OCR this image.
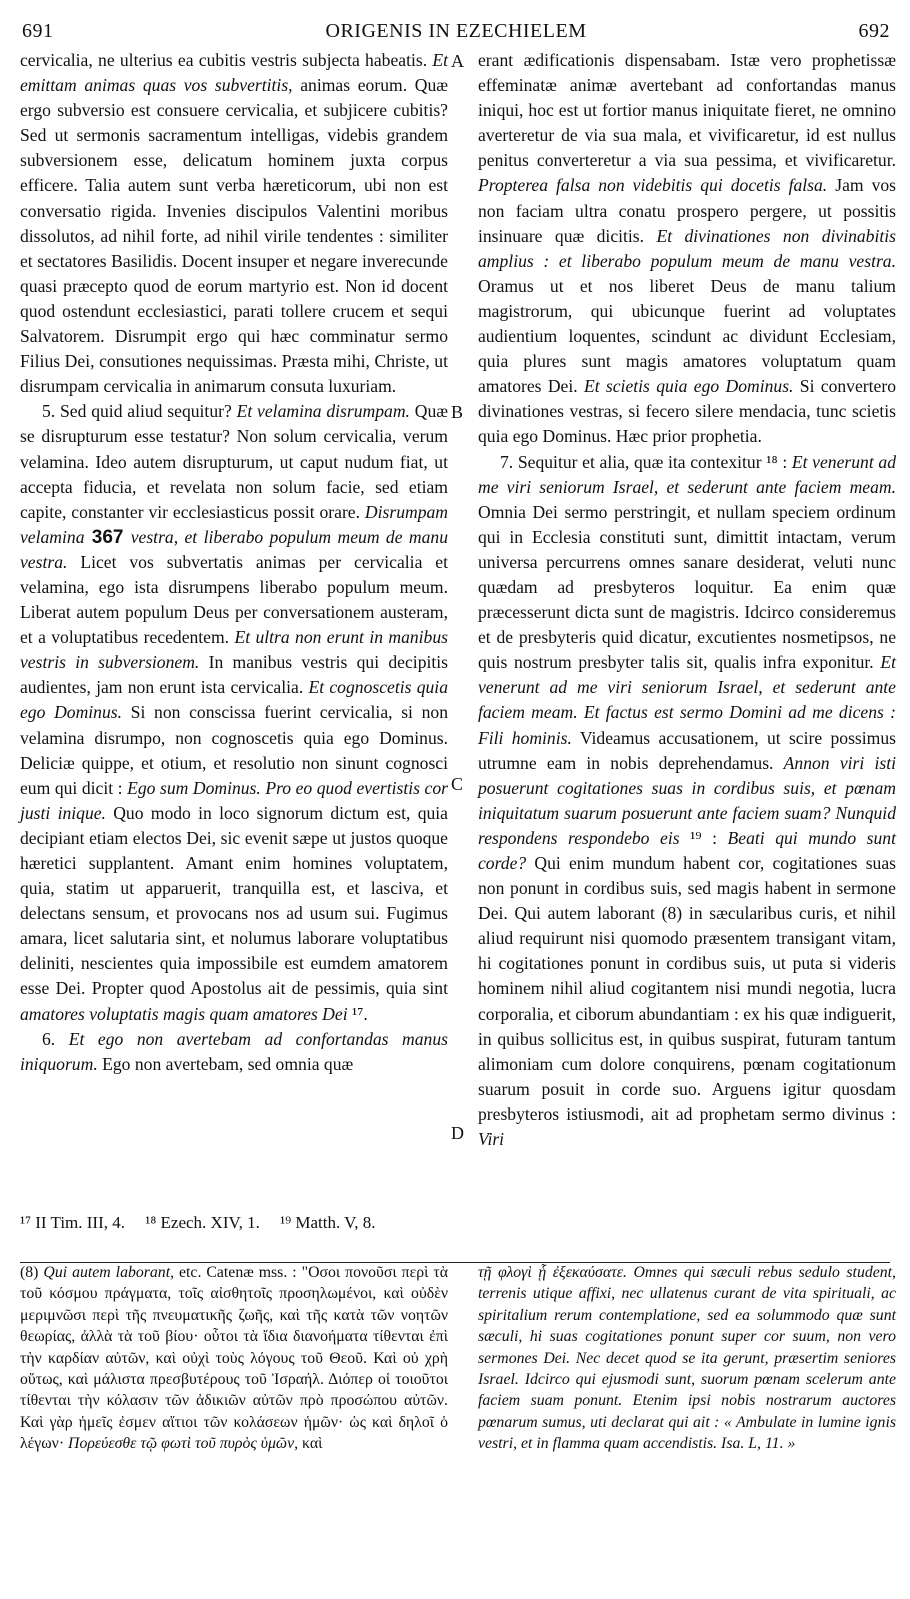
691	ORIGENIS IN EZECHIELEM	692

cervicalia, ne ulterius ea cubitis vestris subjecta habeatis. Et emittam animas quas vos subvertitis, animas eorum. Quæ ergo subversio est consuere cervicalia, et subjicere cubitis? Sed ut sermonis sacramentum intelligas, videbis grandem subversionem esse, delicatum hominem juxta corpus efficere. Talia autem sunt verba hæreticorum, ubi non est conversatio rigida. Invenies discipulos Valentini moribus dissolutos, ad nihil forte, ad nihil virile tendentes : similiter et sectatores Basilidis. Docent insuper et negare inverecunde quasi præcepto quod de eorum martyrio est. Non id docent quod ostendunt ecclesiastici, parati tollere crucem et sequi Salvatorem. Disrumpit ergo qui hæc comminatur sermo Filius Dei, consutiones nequissimas. Præsta mihi, Christe, ut disrumpam cervicalia in animarum consuta luxuriam.

5. Sed quid aliud sequitur? Et velamina disrumpam. Quæ se disrupturum esse testatur? Non solum cervicalia, verum velamina. Ideo autem disrupturum, ut caput nudum fiat, ut accepta fiducia, et revelata non solum facie, sed etiam capite, constanter vir ecclesiasticus possit orare. Disrumpam velamina 367 vestra, et liberabo populum meum de manu vestra. Licet vos subvertatis animas per cervicalia et velamina, ego ista disrumpens liberabo populum meum. Liberat autem populum Deus per conversationem austeram, et a voluptatibus recedentem. Et ultra non erunt in manibus vestris in subversionem. In manibus vestris qui decipitis audientes, jam non erunt ista cervicalia. Et cognoscetis quia ego Dominus. Si non conscissa fuerint cervicalia, si non velamina disrumpo, non cognoscetis quia ego Dominus. Deliciæ quippe, et otium, et resolutio non sinunt cognosci eum qui dicit : Ego sum Dominus. Pro eo quod evertistis cor justi inique. Quo modo in loco signorum dictum est, quia decipiant etiam electos Dei, sic evenit sæpe ut justos quoque hæretici supplantent. Amant enim homines voluptatem, quia, statim ut apparuerit, tranquilla est, et lasciva, et delectans sensum, et provocans nos ad usum sui. Fugimus amara, licet salutaria sint, et nolumus laborare voluptatibus deliniti, nescientes quia impossibile est eumdem amatorem esse Dei. Propter quod Apostolus ait de pessimis, quia sint amatores voluptatis magis quam amatores Dei ¹⁷.

6. Et ego non avertebam ad confortandas manus iniquorum. Ego non avertebam, sed omnia quæ

A
B
C
D

erant ædificationis dispensabam. Istæ vero prophetissæ effeminatæ animæ avertebant ad confortandas manus iniqui, hoc est ut fortior manus iniquitate fieret, ne omnino averteretur de via sua mala, et vivificaretur, id est nullus penitus converteretur a via sua pessima, et vivificaretur. Propterea falsa non videbitis qui docetis falsa. Jam vos non faciam ultra conatu prospero pergere, ut possitis insinuare quæ dicitis. Et divinationes non divinabitis amplius : et liberabo populum meum de manu vestra. Oramus ut et nos liberet Deus de manu talium magistrorum, qui ubicunque fuerint ad voluptates audientium loquentes, scindunt ac dividunt Ecclesiam, quia plures sunt magis amatores voluptatum quam amatores Dei. Et scietis quia ego Dominus. Si convertero divinationes vestras, si fecero silere mendacia, tunc scietis quia ego Dominus. Hæc prior prophetia.

7. Sequitur et alia, quæ ita contexitur ¹⁸ : Et venerunt ad me viri seniorum Israel, et sederunt ante faciem meam. Omnia Dei sermo perstringit, et nullam speciem ordinum qui in Ecclesia constituti sunt, dimittit intactam, verum universa percurrens omnes sanare desiderat, veluti nunc quædam ad presbyteros loquitur. Ea enim quæ præcesserunt dicta sunt de magistris. Idcirco consideremus et de presbyteris quid dicatur, excutientes nosmetipsos, ne quis nostrum presbyter talis sit, qualis infra exponitur. Et venerunt ad me viri seniorum Israel, et sederunt ante faciem meam. Et factus est sermo Domini ad me dicens : Fili hominis. Videamus accusationem, ut scire possimus utrumne eam in nobis deprehendamus. Annon viri isti posuerunt cogitationes suas in cordibus suis, et pœnam iniquitatum suarum posuerunt ante faciem suam? Nunquid respondens respondebo eis ¹⁹ : Beati qui mundo sunt corde? Qui enim mundum habent cor, cogitationes suas non ponunt in cordibus suis, sed magis habent in sermone Dei. Qui autem laborant (8) in sæcularibus curis, et nihil aliud requirunt nisi quomodo præsentem transigant vitam, hi cogitationes ponunt in cordibus suis, ut puta si videris hominem nihil aliud cogitantem nisi mundi negotia, lucra corporalia, et ciborum abundantiam : ex his quæ indiguerit, in quibus sollicitus est, in quibus suspirat, futuram tantum alimoniam cum dolore conquirens, pœnam cogitationum suarum posuit in corde suo. Arguens igitur quosdam presbyteros istiusmodi, ait ad prophetam sermo divinus : Viri

¹⁷ II Tim. III, 4. ¹⁸ Ezech. XIV, 1. ¹⁹ Matth. V, 8.

(8) Qui autem laborant, etc. Catenæ mss. : "Οσοι πονοῦσι περὶ τὰ τοῦ κόσμου πράγματα, τοῖς αἰσθητοῖς προσηλωμένοι, καὶ οὐδὲν μεριμνῶσι περὶ τῆς πνευματικῆς ζωῆς, καὶ τῆς κατὰ τῶν νοητῶν θεωρίας, ἀλλὰ τὰ τοῦ βίου· οὗτοι τὰ ἴδια διανοήματα τίθενται ἐπὶ τὴν καρδίαν αὐτῶν, καὶ οὐχὶ τοὺς λόγους τοῦ Θεοῦ. Καὶ οὐ χρὴ οὕτως, καὶ μάλιστα πρεσβυτέρους τοῦ Ἰσραήλ. Διόπερ οἱ τοιοῦτοι τίθενται τὴν κόλασιν τῶν ἀδικιῶν αὐτῶν πρὸ προσώπου αὐτῶν. Καὶ γὰρ ἡμεῖς ἐσμεν αἴτιοι τῶν κολάσεων ἡμῶν· ὡς καὶ δηλοῖ ὁ λέγων· Πορεύεσθε τῷ φωτὶ τοῦ πυρὸς ὑμῶν, καὶ

τῇ φλογὶ ᾗ ἐξεκαύσατε. Omnes qui sæculi rebus sedulo student, terrenis utique affixi, nec ullatenus curant de vita spirituali, ac spiritalium rerum contemplatione, sed ea solummodo quæ sunt sæculi, hi suas cogitationes ponunt super cor suum, non vero sermones Dei. Nec decet quod se ita gerunt, præsertim seniores Israel. Idcirco qui ejusmodi sunt, suorum pœnam scelerum ante faciem suam ponunt. Etenim ipsi nobis nostrarum auctores pœnarum sumus, uti declarat qui ait : « Ambulate in lumine ignis vestri, et in flamma quam accendistis. Isa. L, 11. »
